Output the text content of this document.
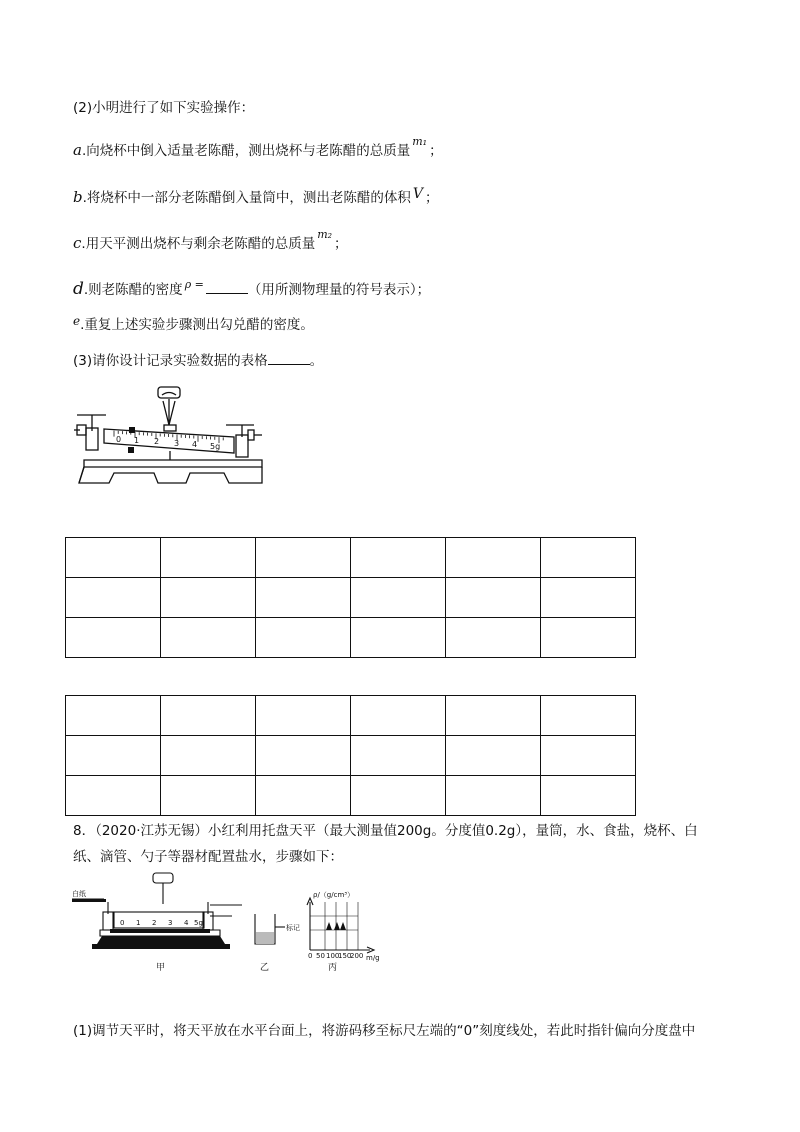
(2)小明进行了如下实验操作：
a.向烧杯中倒入适量老陈醋，测出烧杯与老陈醋的总质量$^{m_1}$；
b.将烧杯中一部分老陈醋倒入量筒中，测出老陈醋的体积 V ；
c.用天平测出烧杯与剩余老陈醋的总质量$^{m_2}$；
d.则老陈醋的密度 $^{\rho =}$	（用所测物理量的符号表示）；
e.重复上述实验步骤测出勾兑醋的密度。
(3)请你设计记录实验数据的表格	。
0 1 2 3 4 5g

8．（2020·江苏无锡）小红利用托盘天平（最大测量值200g。分度值0.2g），量筒，水、食盐，烧杯、白
纸、滴管、勺子等器材配置盐水，步骤如下：
白纸
标记
ρ/（g/cm³）
m/g
0 50 100
150
200
0 1 2 3 4 5g
甲	乙	丙
(1)调节天平时，将天平放在水平台面上，将游码移至标尺左端的“0”刻度线处，若此时指针偏向分度盘中
